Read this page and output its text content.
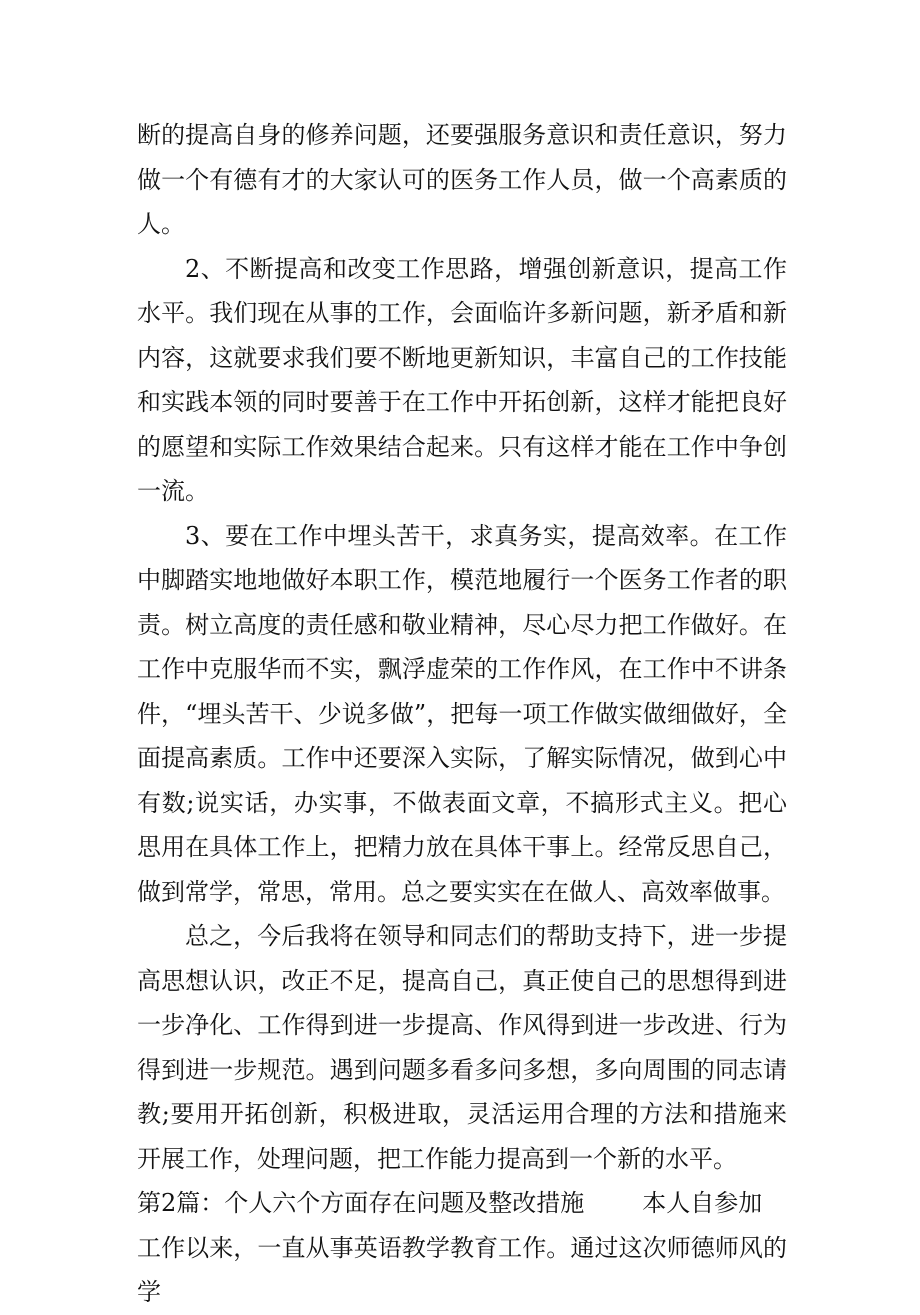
断的提高自身的修养问题，还要强服务意识和责任意识，努力做一个有德有才的大家认可的医务工作人员，做一个高素质的人。

2、不断提高和改变工作思路，增强创新意识，提高工作水平。我们现在从事的工作，会面临许多新问题，新矛盾和新内容，这就要求我们要不断地更新知识，丰富自己的工作技能和实践本领的同时要善于在工作中开拓创新，这样才能把良好的愿望和实际工作效果结合起来。只有这样才能在工作中争创一流。

3、要在工作中埋头苦干，求真务实，提高效率。在工作中脚踏实地地做好本职工作，模范地履行一个医务工作者的职责。树立高度的责任感和敬业精神，尽心尽力把工作做好。在工作中克服华而不实，飘浮虚荣的工作作风，在工作中不讲条件，“埋头苦干、少说多做”，把每一项工作做实做细做好，全面提高素质。工作中还要深入实际，了解实际情况，做到心中有数;说实话，办实事，不做表面文章，不搞形式主义。把心思用在具体工作上，把精力放在具体干事上。经常反思自己，做到常学，常思，常用。总之要实实在在做人、高效率做事。

总之，今后我将在领导和同志们的帮助支持下，进一步提高思想认识，改正不足，提高自己，真正使自己的思想得到进一步净化、工作得到进一步提高、作风得到进一步改进、行为得到进一步规范。遇到问题多看多问多想，多向周围的同志请教;要用开拓创新，积极进取，灵活运用合理的方法和措施来开展工作，处理问题，把工作能力提高到一个新的水平。

第2篇：个人六个方面存在问题及整改措施 本人自参加

工作以来，一直从事英语教学教育工作。通过这次师德师风的学
